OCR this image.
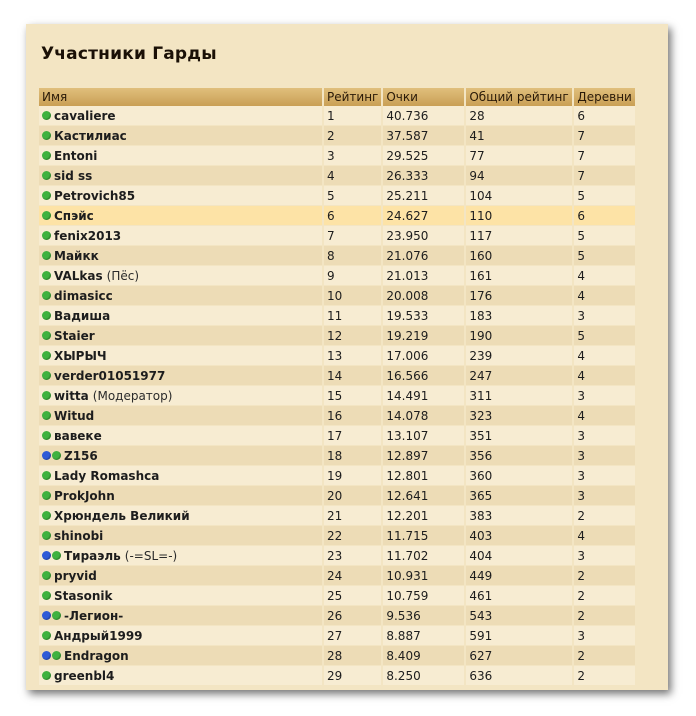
Участники Гарды
Имя	Рейтинг	Очки	Общий рейтинг	Деревни

cavaliere	1	40.736	28	6

Кастилиас	2	37.587	41	7

Entoni	3	29.525	77	7

sid ss	4	26.333	94	7

Petrovich85	5	25.211	104	5

Спэйс	6	24.627	110	6

fenix2013	7	23.950	117	5

Майкк	8	21.076	160	5

VALkas (Пёс)	9	21.013	161	4

dimasicc	10	20.008	176	4

Вадиша	11	19.533	183	3

Staier	12	19.219	190	5

ХЫРЫЧ	13	17.006	239	4

verder01051977	14	16.566	247	4

witta (Модератор)	15	14.491	311	3

Witud	16	14.078	323	4

вaвeкe	17	13.107	351	3

Z156	18	12.897	356	3

Lady Romashca	19	12.801	360	3

ProkJohn	20	12.641	365	3

Хрюндель Великий	21	12.201	383	2

shinobi	22	11.715	403	4

Тираэль (-=SL=-)	23	11.702	404	3

pryvid	24	10.931	449	2

Stasonik	25	10.759	461	2

-Легион-	26	9.536	543	2

Андрый1999	27	8.887	591	3

Endragon	28	8.409	627	2

greenbl4	29	8.250	636	2
